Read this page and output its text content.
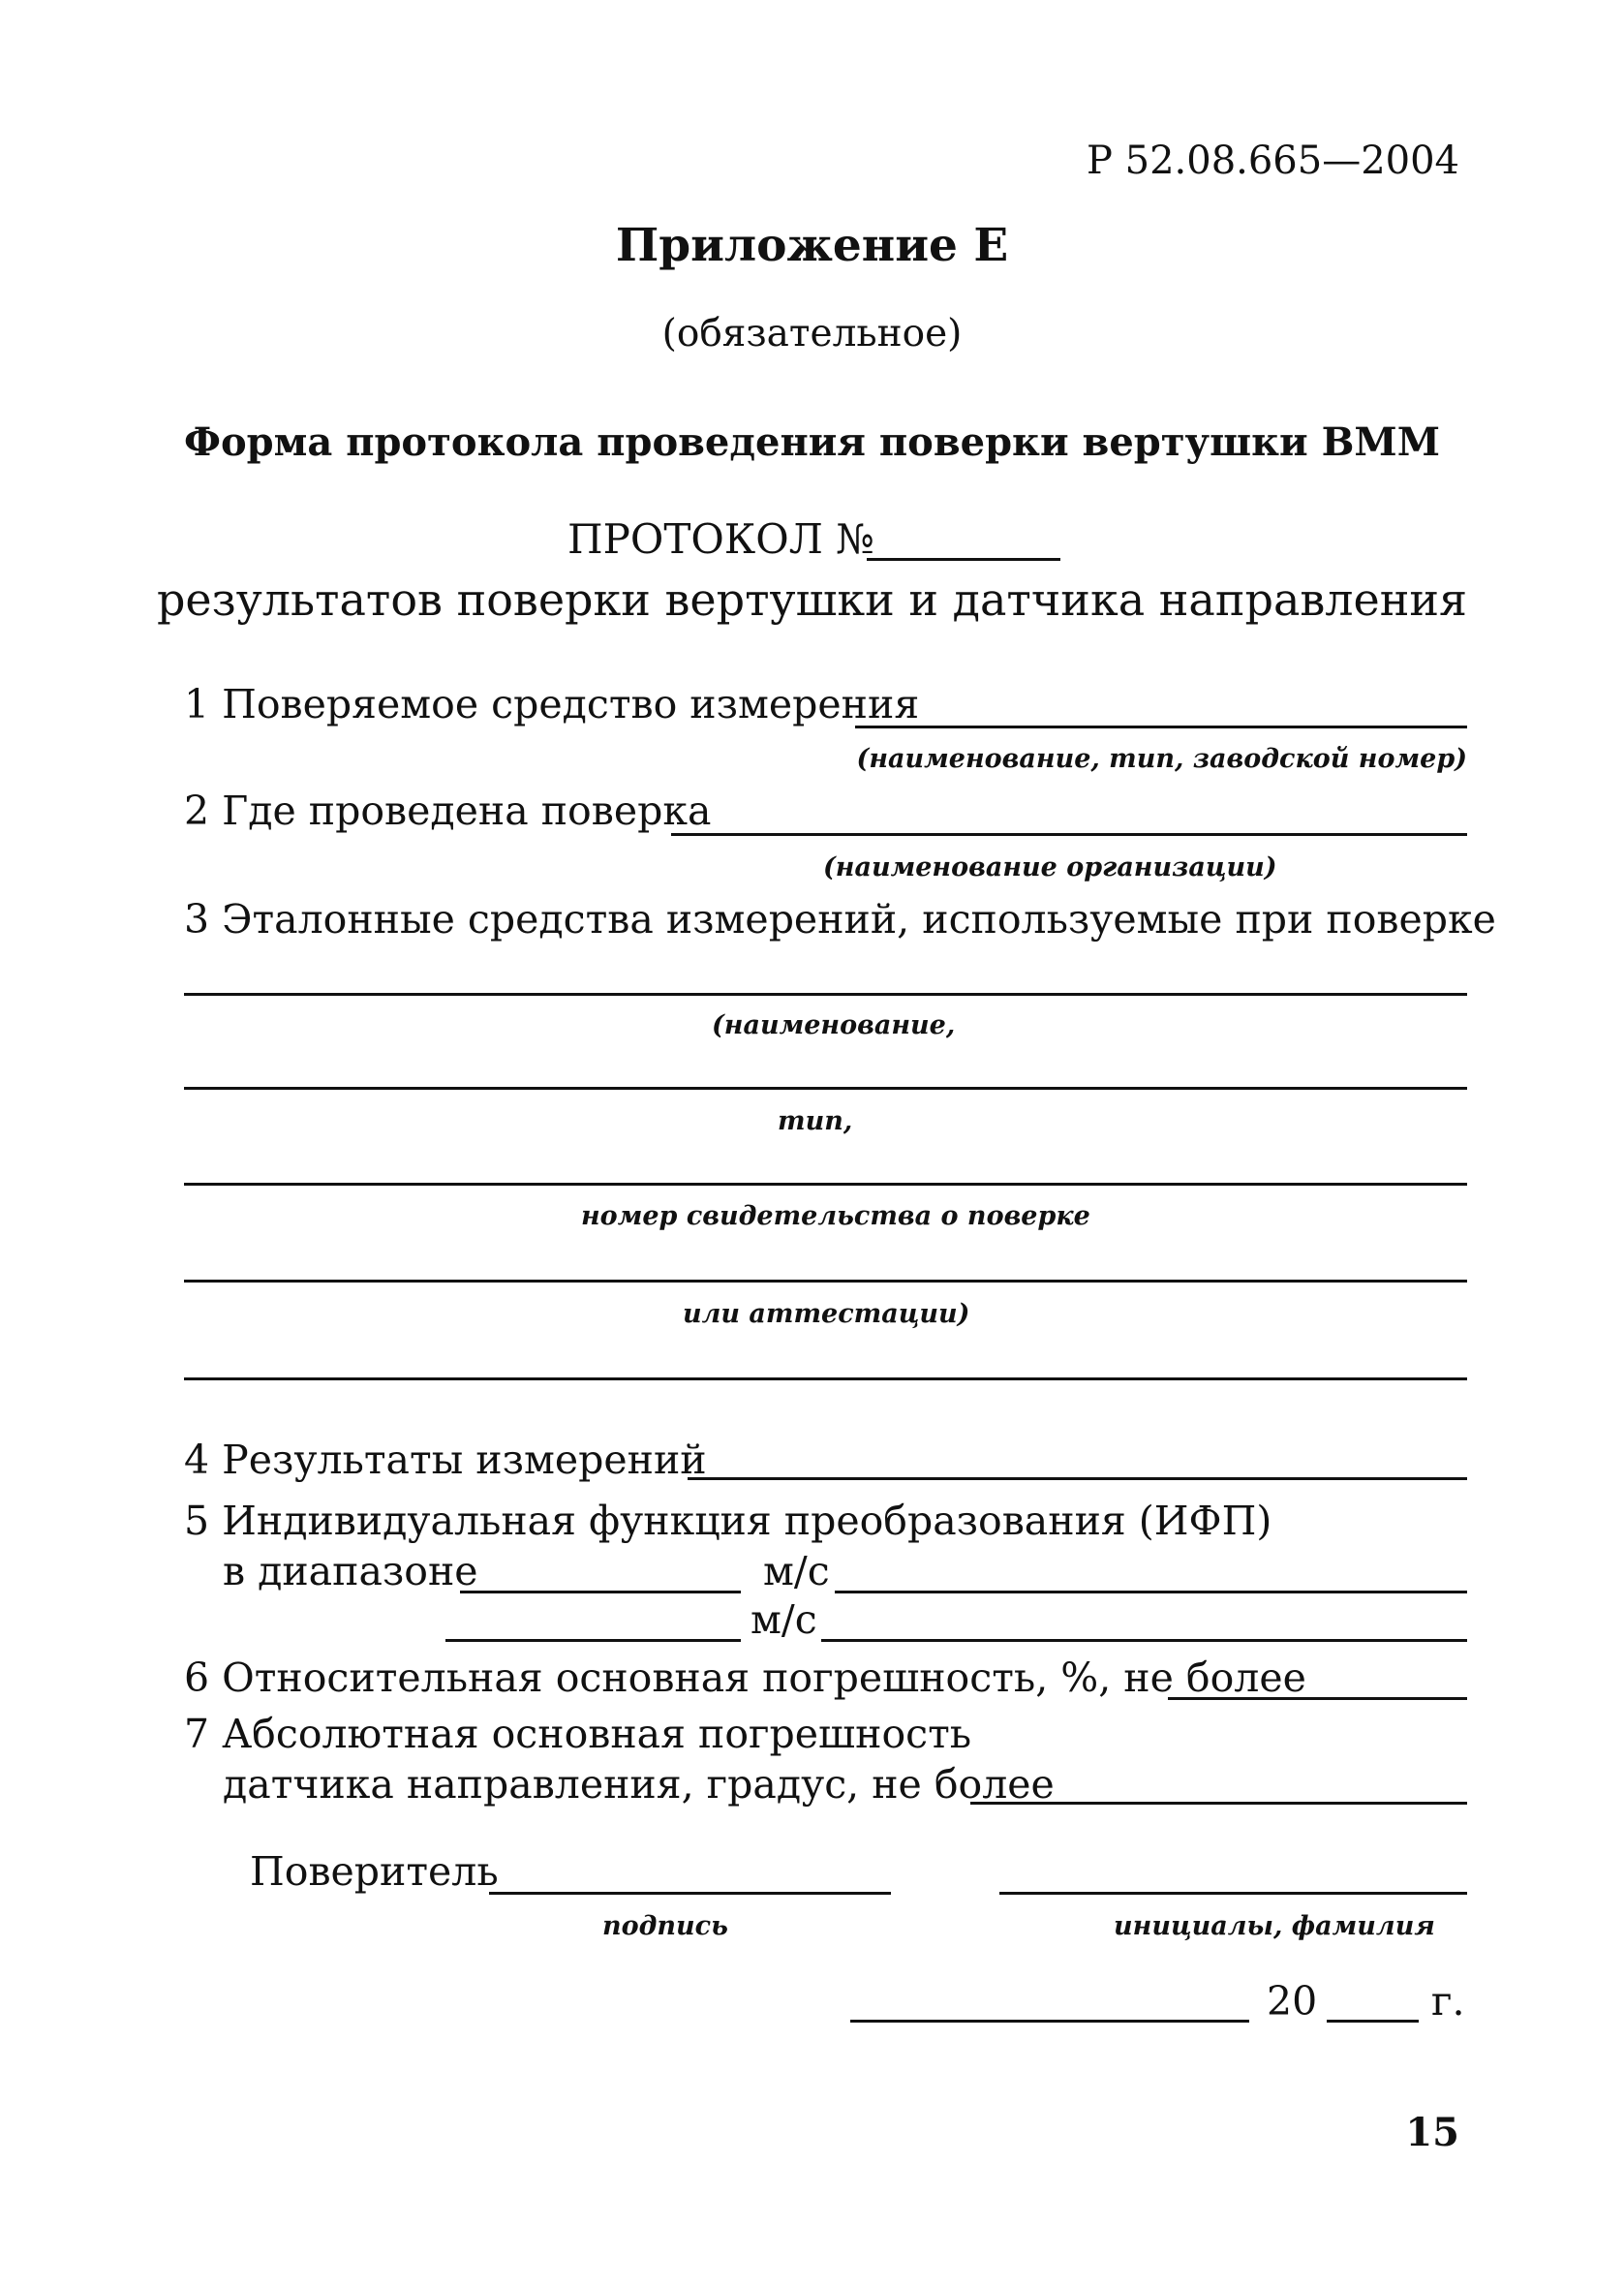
Р 52.08.665—2004
Приложение Е
(обязательное)
Форма протокола проведения поверки вертушки ВММ
ПРОТОКОЛ №
результатов поверки вертушки и датчика направления
1 Поверяемое средство измерения
(наименование, тип, заводской номер)
2 Где проведена поверка
(наименование организации)
3 Эталонные средства измерений, используемые при поверке
(наименование,
тип,
номер свидетельства о поверке
или аттестации)
4 Результаты измерений
5 Индивидуальная функция преобразования (ИФП)
в диапазоне	м/с
м/с
6 Относительная основная погрешность, %, не более
7 Абсолютная основная погрешность
датчика направления, градус, не более
Поверитель
подпись	инициалы, фамилия
20	г.
15
